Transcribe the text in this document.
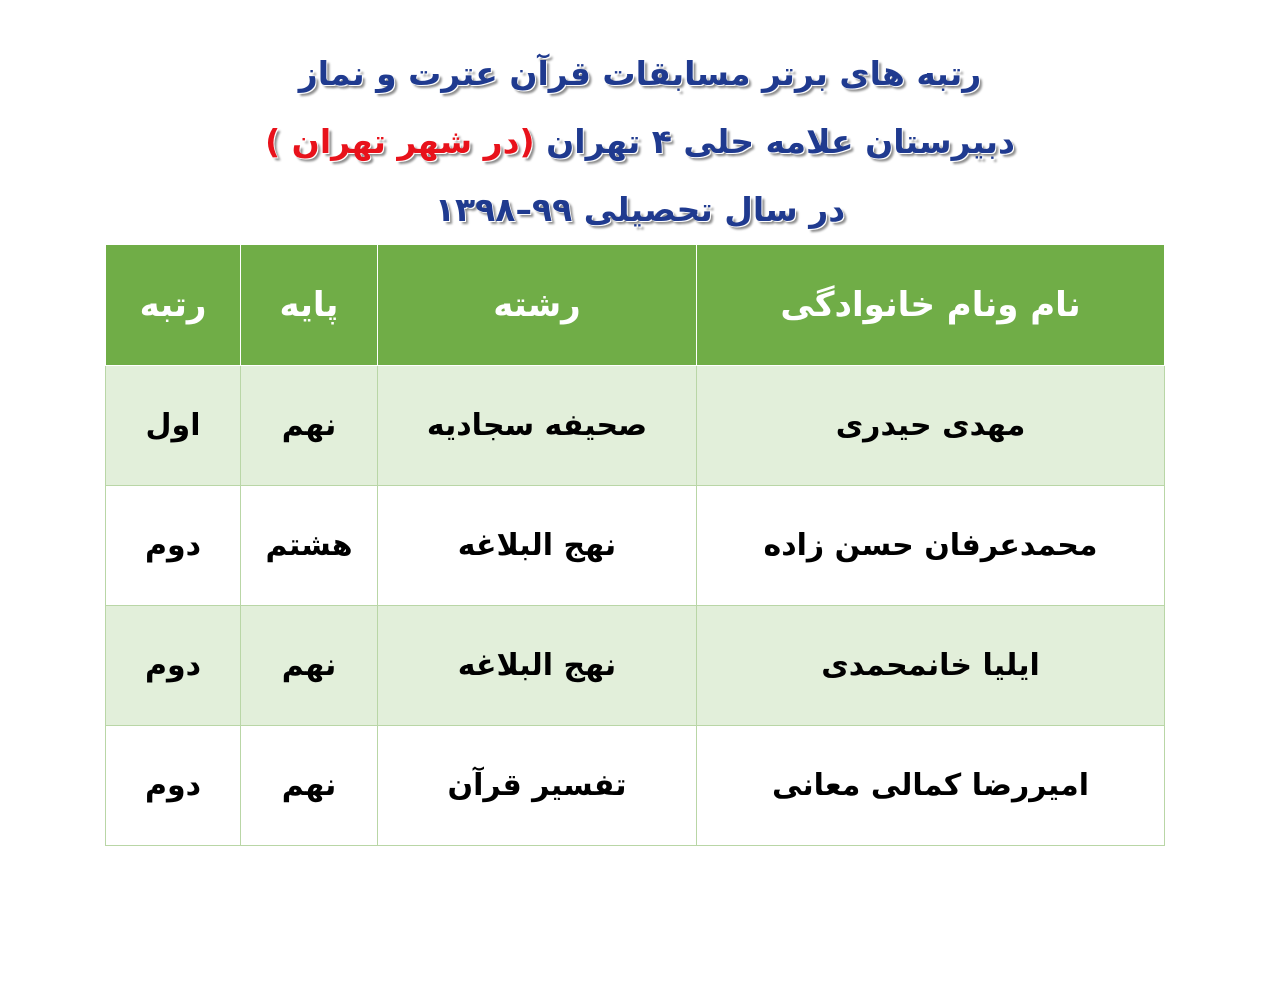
رتبه های برتر مسابقات قرآن عترت و نماز
دبیرستان علامه حلی ۴ تهران (در شهر تهران )
در سال تحصیلی ۹۹–۱۳۹۸
نام ونام خانوادگی	رشته	پایه	رتبه
مهدی حیدری	صحیفه سجادیه	نهم	اول
محمدعرفان حسن زاده	نهج البلاغه	هشتم	دوم
ایلیا خانمحمدی	نهج البلاغه	نهم	دوم
امیررضا کمالی معانی	تفسیر قرآن	نهم	دوم
